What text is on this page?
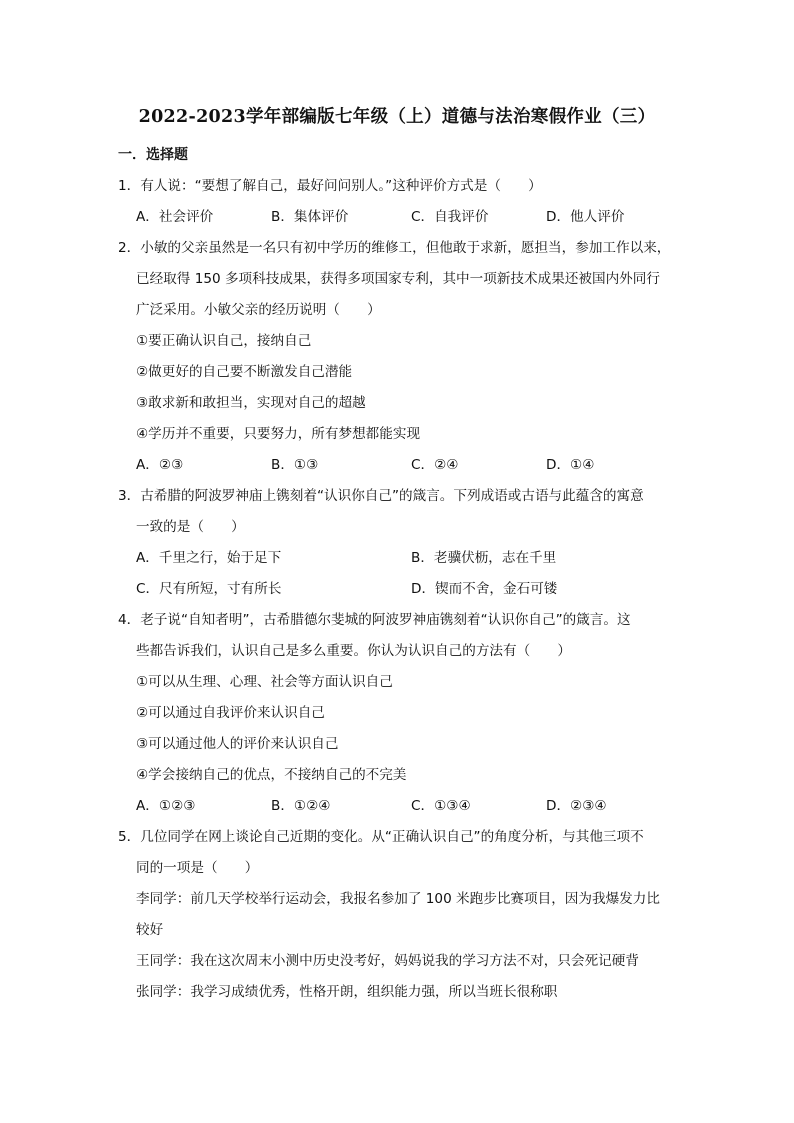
2022-2023学年部编版七年级（上）道德与法治寒假作业（三）
一．选择题
1．有人说：“要想了解自己，最好问问别人。”这种评价方式是（　　）
A．社会评价	B．集体评价	C．自我评价	D．他人评价
2．小敏的父亲虽然是一名只有初中学历的维修工，但他敢于求新，愿担当，参加工作以来，
已经取得 150 多项科技成果，获得多项国家专利，其中一项新技术成果还被国内外同行
广泛采用。小敏父亲的经历说明（　　）
①要正确认识自己，接纳自己
②做更好的自己要不断激发自己潜能
③敢求新和敢担当，实现对自己的超越
④学历并不重要，只要努力，所有梦想都能实现
A．②③	B．①③	C．②④	D．①④
3．古希腊的阿波罗神庙上镌刻着“认识你自己”的箴言。下列成语或古语与此蕴含的寓意
一致的是（　　）
A．千里之行，始于足下	B．老骥伏枥，志在千里
C．尺有所短，寸有所长	D．锲而不舍，金石可镂
4．老子说“自知者明”，古希腊德尔斐城的阿波罗神庙镌刻着“认识你自己”的箴言。这
些都告诉我们，认识自己是多么重要。你认为认识自己的方法有（　　）
①可以从生理、心理、社会等方面认识自己
②可以通过自我评价来认识自己
③可以通过他人的评价来认识自己
④学会接纳自己的优点，不接纳自己的不完美
A．①②③	B．①②④	C．①③④	D．②③④
5．几位同学在网上谈论自己近期的变化。从“正确认识自己”的角度分析，与其他三项不
同的一项是（　　）
李同学：前几天学校举行运动会，我报名参加了 100 米跑步比赛项目，因为我爆发力比
较好
王同学：我在这次周末小测中历史没考好，妈妈说我的学习方法不对，只会死记硬背
张同学：我学习成绩优秀，性格开朗，组织能力强，所以当班长很称职
